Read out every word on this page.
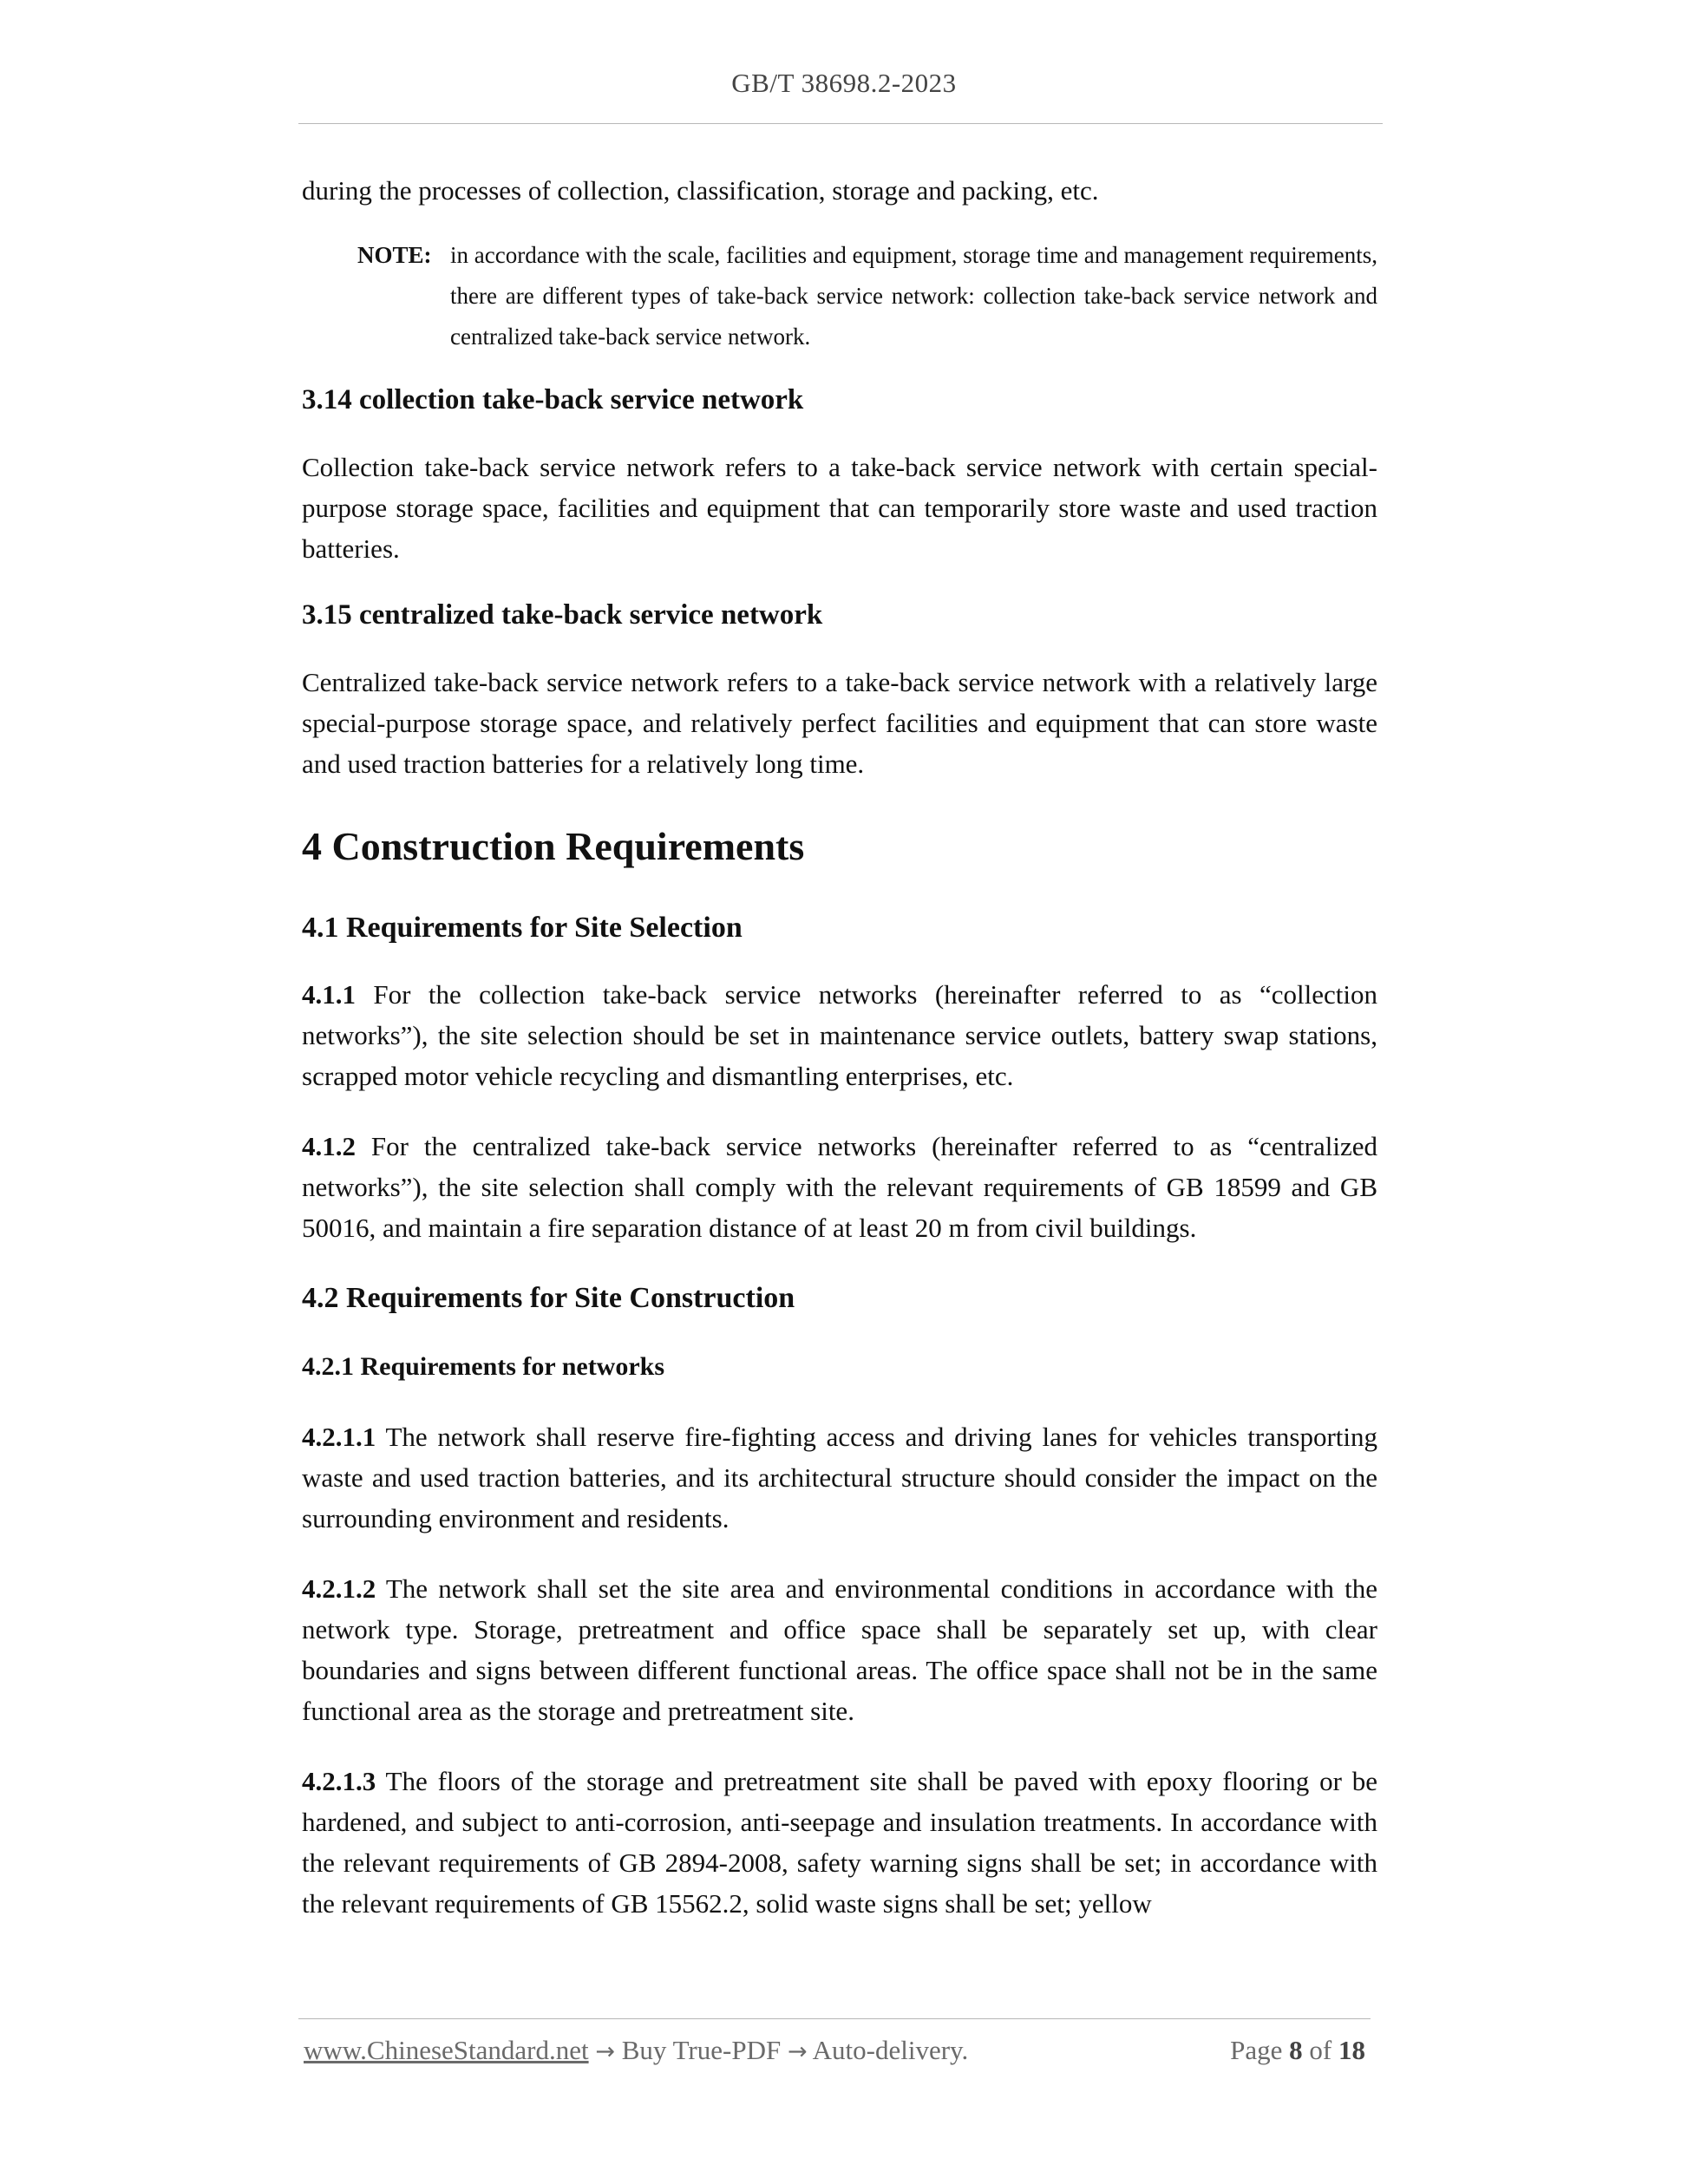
GB/T 38698.2-2023

during the processes of collection, classification, storage and packing, etc.

NOTE: in accordance with the scale, facilities and equipment, storage time and management requirements, there are different types of take-back service network: collection take-back service network and centralized take-back service network.
3.14 collection take-back service network

Collection take-back service network refers to a take-back service network with certain special-purpose storage space, facilities and equipment that can temporarily store waste and used traction batteries.

3.15 centralized take-back service network

Centralized take-back service network refers to a take-back service network with a relatively large special-purpose storage space, and relatively perfect facilities and equipment that can store waste and used traction batteries for a relatively long time.

4 Construction Requirements
4.1 Requirements for Site Selection

4.1.1 For the collection take-back service networks (hereinafter referred to as “collection networks”), the site selection should be set in maintenance service outlets, battery swap stations, scrapped motor vehicle recycling and dismantling enterprises, etc.

4.1.2 For the centralized take-back service networks (hereinafter referred to as “centralized networks”), the site selection shall comply with the relevant requirements of GB 18599 and GB 50016, and maintain a fire separation distance of at least 20 m from civil buildings.

4.2 Requirements for Site Construction
4.2.1 Requirements for networks

4.2.1.1 The network shall reserve fire-fighting access and driving lanes for vehicles transporting waste and used traction batteries, and its architectural structure should consider the impact on the surrounding environment and residents.

4.2.1.2 The network shall set the site area and environmental conditions in accordance with the network type. Storage, pretreatment and office space shall be separately set up, with clear boundaries and signs between different functional areas. The office space shall not be in the same functional area as the storage and pretreatment site.

4.2.1.3 The floors of the storage and pretreatment site shall be paved with epoxy flooring or be hardened, and subject to anti-corrosion, anti-seepage and insulation treatments. In accordance with the relevant requirements of GB 2894-2008, safety warning signs shall be set; in accordance with the relevant requirements of GB 15562.2, solid waste signs shall be set; yellow

www.ChineseStandard.net → Buy True-PDF → Auto-delivery.	Page 8 of 18
